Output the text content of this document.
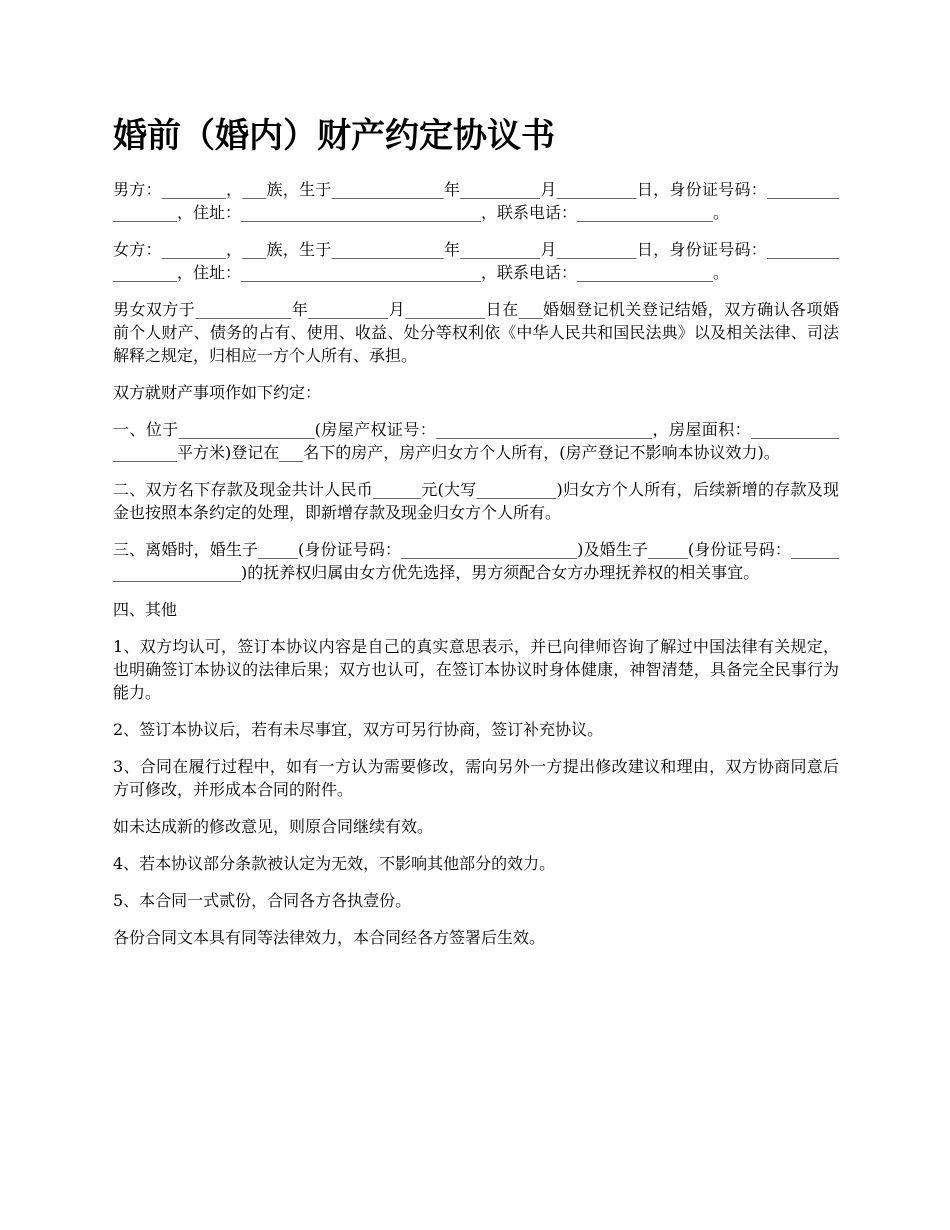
婚前（婚内）财产约定协议书

男方：________，___族，生于______________年__________月__________日，身份证号码：_________________，住址：______________________________，联系电话：_________________。

女方：________，___族，生于______________年__________月__________日，身份证号码：_________________，住址：______________________________，联系电话：_________________。

男女双方于____________年__________月__________日在___婚姻登记机关登记结婚，双方确认各项婚前个人财产、债务的占有、使用、收益、处分等权利依《中华人民共和国民法典》以及相关法律、司法解释之规定，归相应一方个人所有、承担。

双方就财产事项作如下约定：

一、位于_________________(房屋产权证号：___________________________，房屋面积：___________________平方米)登记在___名下的房产，房产归女方个人所有，(房产登记不影响本协议效力)。

二、双方名下存款及现金共计人民币______元(大写__________)归女方个人所有，后续新增的存款及现金也按照本条约定的处理，即新增存款及现金归女方个人所有。

三、离婚时，婚生子_____(身份证号码：______________________)及婚生子_____(身份证号码：______________________)的抚养权归属由女方优先选择，男方须配合女方办理抚养权的相关事宜。

四、其他

1、双方均认可，签订本协议内容是自己的真实意思表示，并已向律师咨询了解过中国法律有关规定，也明确签订本协议的法律后果；双方也认可，在签订本协议时身体健康，神智清楚，具备完全民事行为能力。

2、签订本协议后，若有未尽事宜，双方可另行协商，签订补充协议。

3、合同在履行过程中，如有一方认为需要修改，需向另外一方提出修改建议和理由，双方协商同意后方可修改，并形成本合同的附件。

如未达成新的修改意见，则原合同继续有效。

4、若本协议部分条款被认定为无效，不影响其他部分的效力。

5、本合同一式贰份，合同各方各执壹份。

各份合同文本具有同等法律效力，本合同经各方签署后生效。
